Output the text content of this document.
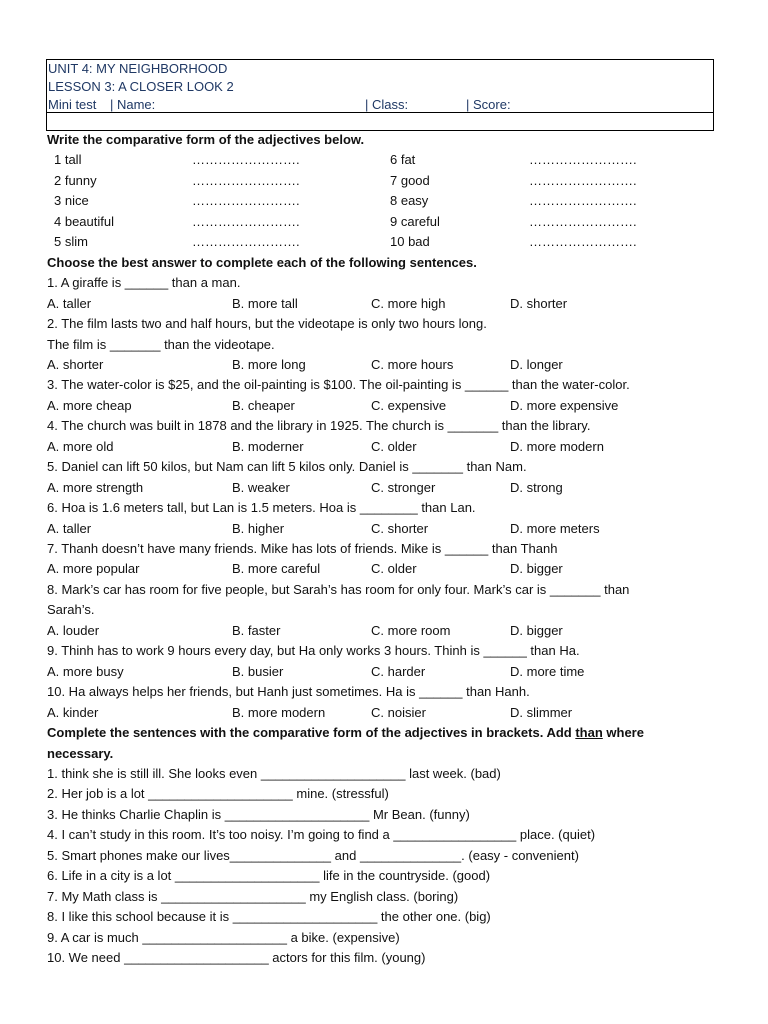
UNIT 4: MY NEIGHBORHOOD
LESSON 3: A CLOSER LOOK 2
Mini test | Name:	| Class:	| Score:
Write the comparative form of the adjectives below.
1 tall	…………………….	6 fat	…………………….
2 funny	…………………….	7 good	…………………….
3 nice	…………………….	8 easy	…………………….
4 beautiful	…………………….	9 careful	…………………….
5 slim	…………………….	10 bad	…………………….
Choose the best answer to complete each of the following sentences.
1. A giraffe is ______ than a man.
A. taller	B. more tall	C. more high	D. shorter
2. The film lasts two and half hours, but the videotape is only two hours long.
The film is _______ than the videotape.
A. shorter	B. more long	C. more hours	D. longer
3. The water-color is $25, and the oil-painting is $100. The oil-painting is ______ than the water-color.
A. more cheap	B. cheaper	C. expensive	D. more expensive
4. The church was built in 1878 and the library in 1925. The church is _______ than the library.
A. more old	B. moderner	C. older	D. more modern
5. Daniel can lift 50 kilos, but Nam can lift 5 kilos only. Daniel is _______ than Nam.
A. more strength	B. weaker	C. stronger	D. strong
6. Hoa is 1.6 meters tall, but Lan is 1.5 meters. Hoa is ________ than Lan.
A. taller	B. higher	C. shorter	D. more meters
7. Thanh doesn’t have many friends. Mike has lots of friends. Mike is ______ than Thanh
A. more popular	B. more careful	C. older	D. bigger
8. Mark’s car has room for five people, but Sarah’s has room for only four. Mark’s car is _______ than
Sarah’s.
A. louder	B. faster	C. more room	D. bigger
9. Thinh has to work 9 hours every day, but Ha only works 3 hours. Thinh is ______ than Ha.
A. more busy	B. busier	C. harder	D. more time
10. Ha always helps her friends, but Hanh just sometimes. Ha is ______ than Hanh.
A. kinder	B. more modern	C. noisier	D. slimmer
Complete the sentences with the comparative form of the adjectives in brackets. Add than where
necessary.
1. think she is still ill. She looks even ____________________ last week. (bad)
2. Her job is a lot ____________________ mine. (stressful)
3. He thinks Charlie Chaplin is ____________________ Mr Bean. (funny)
4. I can’t study in this room. It’s too noisy. I’m going to find a _________________ place. (quiet)
5. Smart phones make our lives______________ and ______________. (easy - convenient)
6. Life in a city is a lot ____________________ life in the countryside. (good)
7. My Math class is ____________________ my English class. (boring)
8. I like this school because it is ____________________ the other one. (big)
9. A car is much ____________________ a bike. (expensive)
10. We need ____________________ actors for this film. (young)
